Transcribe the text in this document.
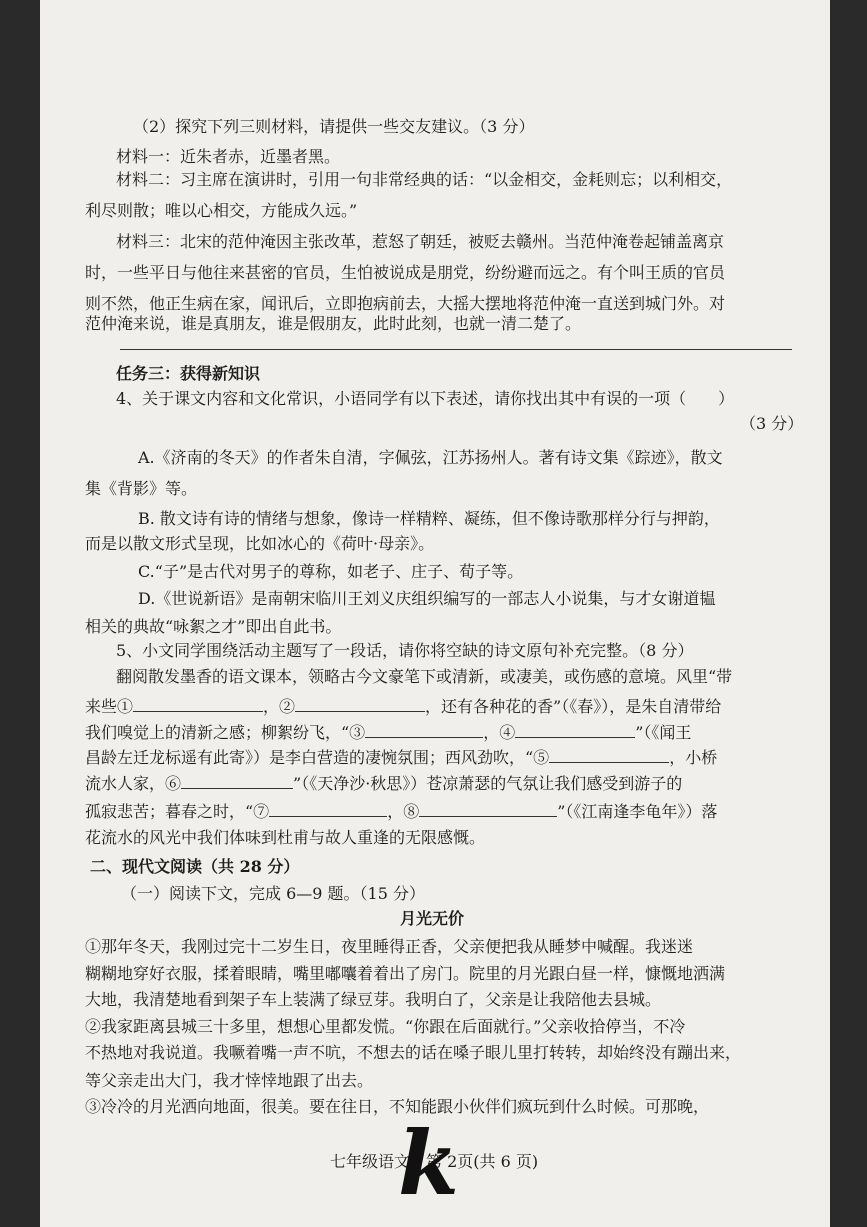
（2）探究下列三则材料，请提供一些交友建议。（3 分）
材料一：近朱者赤，近墨者黑。
材料二：习主席在演讲时，引用一句非常经典的话：“以金相交，金耗则忘；以利相交，
利尽则散；唯以心相交，方能成久远。”
材料三：北宋的范仲淹因主张改革，惹怒了朝廷，被贬去赣州。当范仲淹卷起铺盖离京
时，一些平日与他往来甚密的官员，生怕被说成是朋党，纷纷避而远之。有个叫王质的官员
则不然，他正生病在家，闻讯后，立即抱病前去，大摇大摆地将范仲淹一直送到城门外。对
范仲淹来说，谁是真朋友，谁是假朋友，此时此刻，也就一清二楚了。
任务三：获得新知识
4、关于课文内容和文化常识，小语同学有以下表述，请你找出其中有误的一项（　　）
（3 分）
A.《济南的冬天》的作者朱自清，字佩弦，江苏扬州人。著有诗文集《踪迹》，散文
集《背影》等。
B. 散文诗有诗的情绪与想象，像诗一样精粹、凝练，但不像诗歌那样分行与押韵，
而是以散文形式呈现，比如冰心的《荷叶·母亲》。
C.“子”是古代对男子的尊称，如老子、庄子、荀子等。
D.《世说新语》是南朝宋临川王刘义庆组织编写的一部志人小说集，与才女谢道韫
相关的典故“咏絮之才”即出自此书。
5、小文同学围绕活动主题写了一段话，请你将空缺的诗文原句补充完整。（8 分）
翻阅散发墨香的语文课本，领略古今文豪笔下或清新，或凄美，或伤感的意境。风里“带
来些①	，②	，还有各种花的香”（《春》），是朱自清带给
我们嗅觉上的清新之感；柳絮纷飞，“③	，④	”（《闻王
昌龄左迁龙标遥有此寄》）是李白营造的凄惋氛围；西风劲吹，“⑤	，小桥
流水人家，⑥	”（《天净沙·秋思》）苍凉萧瑟的气氛让我们感受到游子的
孤寂悲苦；暮春之时，“⑦	，⑧	”（《江南逢李龟年》）落
花流水的风光中我们体味到杜甫与故人重逢的无限感慨。
二、现代文阅读（共 28 分）
（一）阅读下文，完成 6—9 题。（15 分）
月光无价
①那年冬天，我刚过完十二岁生日，夜里睡得正香，父亲便把我从睡梦中喊醒。我迷迷
糊糊地穿好衣服，揉着眼睛，嘴里嘟囔着着出了房门。院里的月光跟白昼一样，慷慨地洒满
大地，我清楚地看到架子车上装满了绿豆芽。我明白了，父亲是让我陪他去县城。
②我家距离县城三十多里，想想心里都发慌。“你跟在后面就行。”父亲收拾停当，不冷
不热地对我说道。我噘着嘴一声不吭，不想去的话在嗓子眼儿里打转转，却始终没有蹦出来，
等父亲走出大门，我才悻悻地跟了出去。
③冷冷的月光洒向地面，很美。要在往日，不知能跟小伙伴们疯玩到什么时候。可那晚，
七年级语文　第 2页(共 6 页)
k
